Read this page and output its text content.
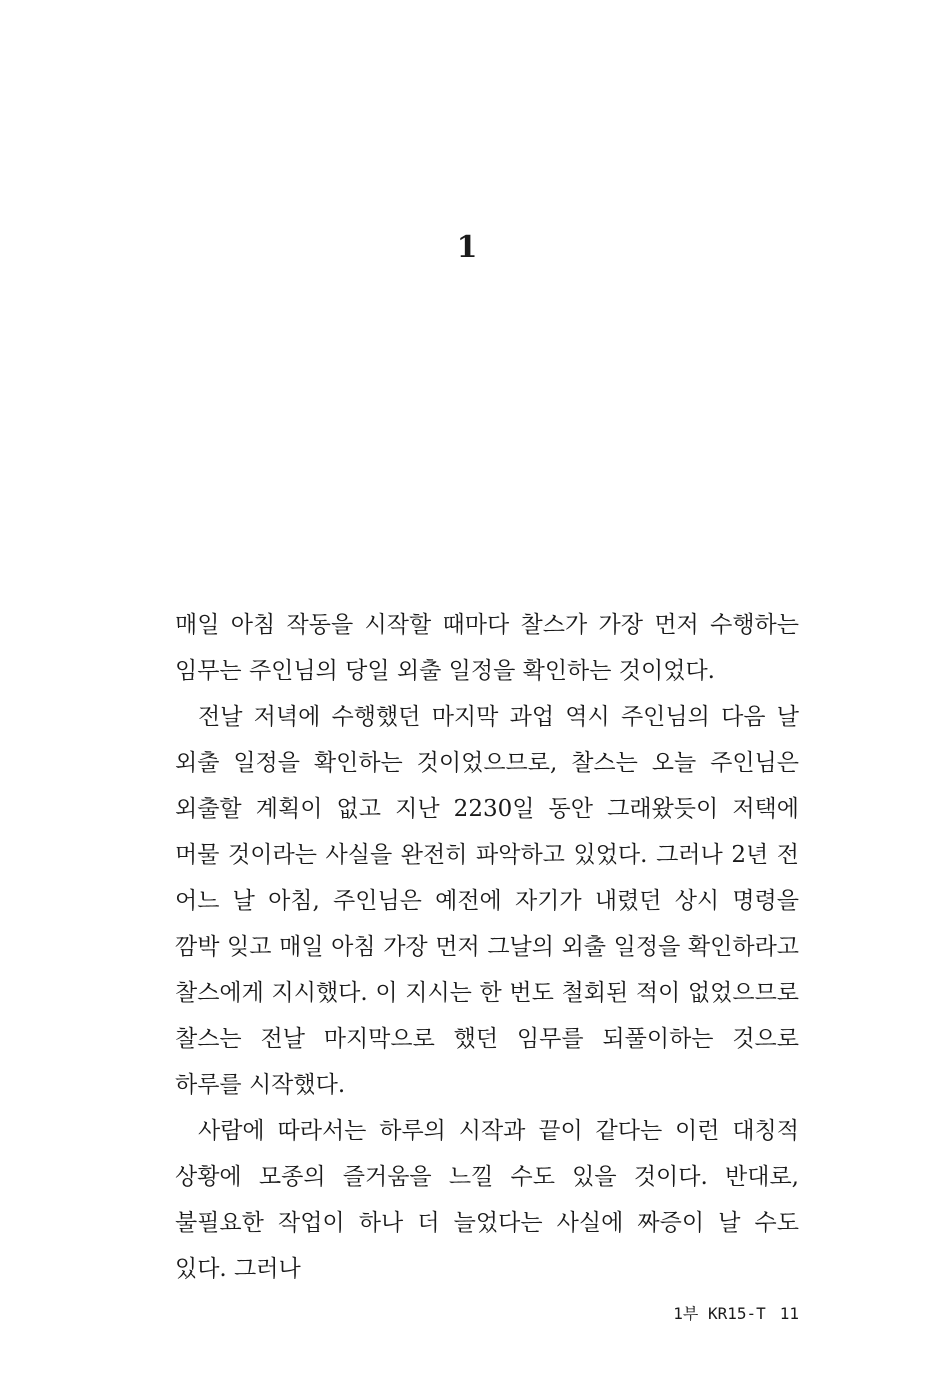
1

매일 아침 작동을 시작할 때마다 찰스가 가장 먼저 수행하는 임무는 주인님의 당일 외출 일정을 확인하는 것이었다.

전날 저녁에 수행했던 마지막 과업 역시 주인님의 다음 날 외출 일정을 확인하는 것이었으므로, 찰스는 오늘 주인님은 외출할 계획이 없고 지난 2230일 동안 그래왔듯이 저택에 머물 것이라는 사실을 완전히 파악하고 있었다. 그러나 2년 전 어느 날 아침, 주인님은 예전에 자기가 내렸던 상시 명령을 깜박 잊고 매일 아침 가장 먼저 그날의 외출 일정을 확인하라고 찰스에게 지시했다. 이 지시는 한 번도 철회된 적이 없었으므로 찰스는 전날 마지막으로 했던 임무를 되풀이하는 것으로 하루를 시작했다.

사람에 따라서는 하루의 시작과 끝이 같다는 이런 대칭적 상황에 모종의 즐거움을 느낄 수도 있을 것이다. 반대로, 불필요한 작업이 하나 더 늘었다는 사실에 짜증이 날 수도 있다. 그러나

1부 KR15-T 11
